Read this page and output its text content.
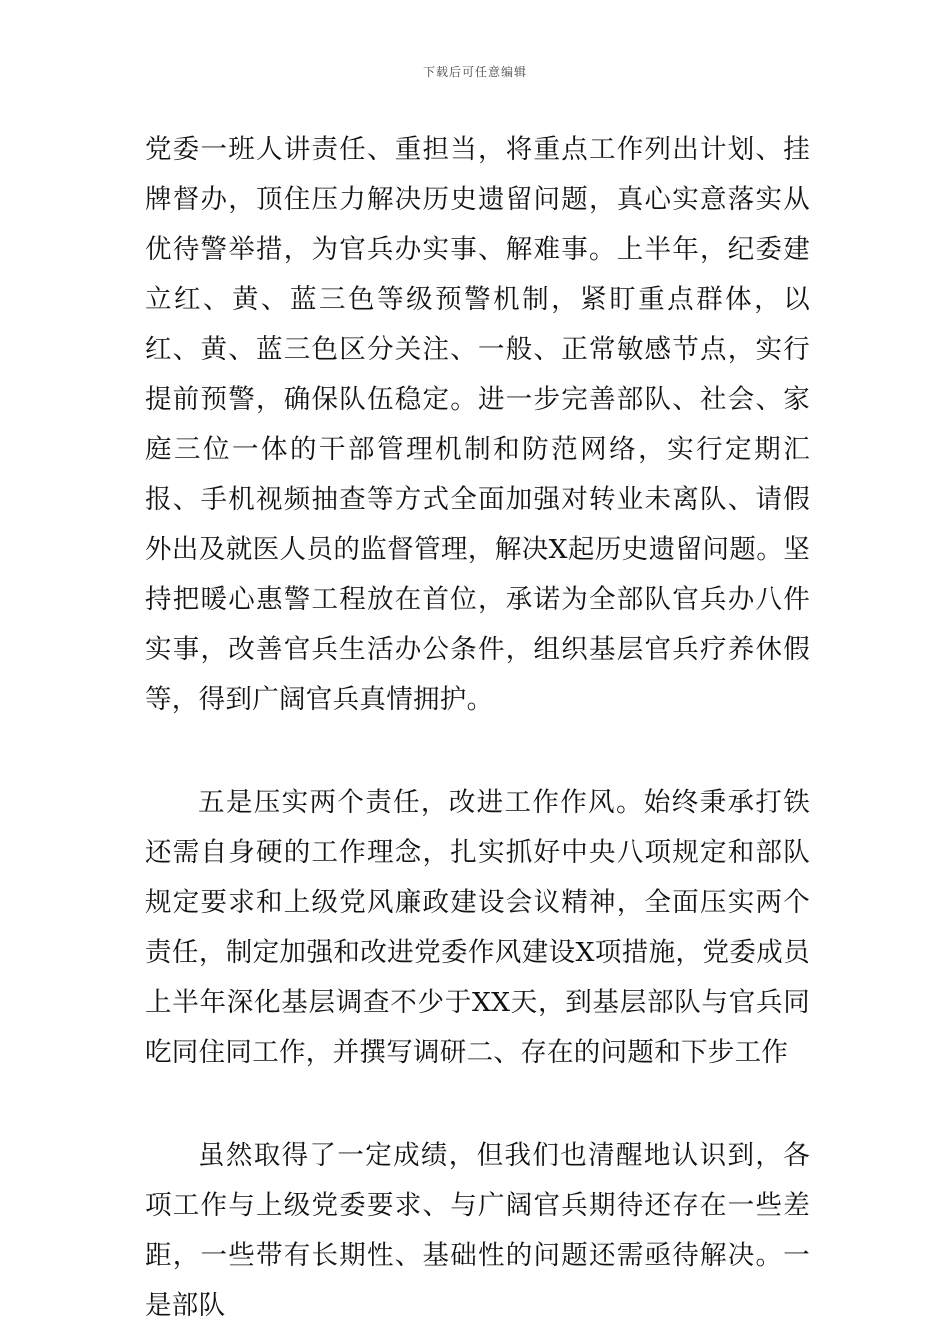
下载后可任意编辑

党委一班人讲责任、重担当，将重点工作列出计划、挂牌督办，顶住压力解决历史遗留问题，真心实意落实从优待警举措，为官兵办实事、解难事。上半年，纪委建立红、黄、蓝三色等级预警机制，紧盯重点群体，以红、黄、蓝三色区分关注、一般、正常敏感节点，实行提前预警，确保队伍稳定。进一步完善部队、社会、家庭三位一体的干部管理机制和防范网络，实行定期汇报、手机视频抽查等方式全面加强对转业未离队、请假外出及就医人员的监督管理，解决X起历史遗留问题。坚持把暖心惠警工程放在首位，承诺为全部队官兵办八件实事，改善官兵生活办公条件，组织基层官兵疗养休假等，得到广阔官兵真情拥护。

五是压实两个责任，改进工作作风。始终秉承打铁还需自身硬的工作理念，扎实抓好中央八项规定和部队规定要求和上级党风廉政建设会议精神，全面压实两个责任，制定加强和改进党委作风建设X项措施，党委成员上半年深化基层调查不少于XX天，到基层部队与官兵同吃同住同工作，并撰写调研二、存在的问题和下步工作

虽然取得了一定成绩，但我们也清醒地认识到，各项工作与上级党委要求、与广阔官兵期待还存在一些差距，一些带有长期性、基础性的问题还需亟待解决。一是部队
